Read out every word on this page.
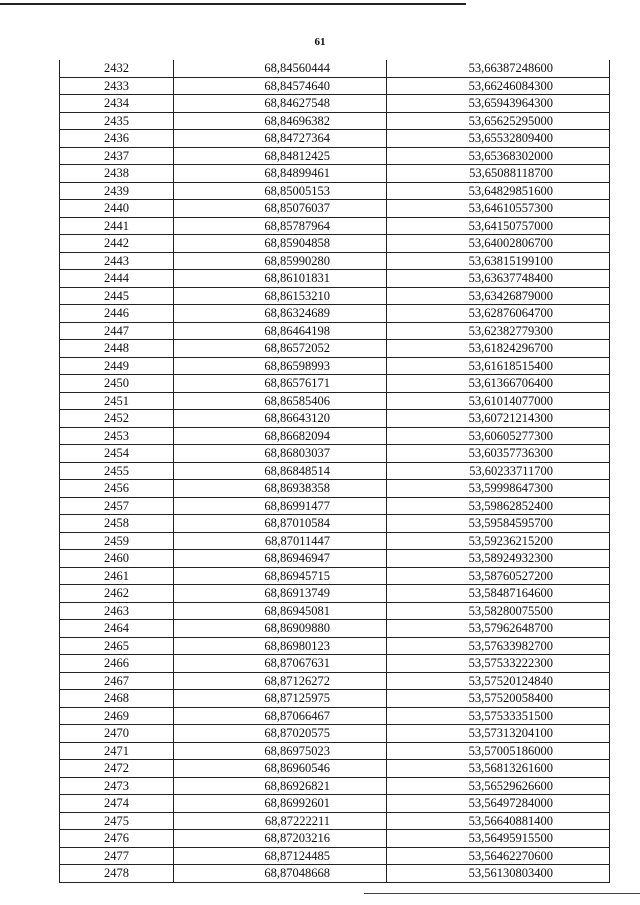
61
2432	68,84560444	53,66387248600
2433	68,84574640	53,66246084300
2434	68,84627548	53,65943964300
2435	68,84696382	53,65625295000
2436	68,84727364	53,65532809400
2437	68,84812425	53,65368302000
2438	68,84899461	53,65088118700
2439	68,85005153	53,64829851600
2440	68,85076037	53,64610557300
2441	68,85787964	53,64150757000
2442	68,85904858	53,64002806700
2443	68,85990280	53,63815199100
2444	68,86101831	53,63637748400
2445	68,86153210	53,63426879000
2446	68,86324689	53,62876064700
2447	68,86464198	53,62382779300
2448	68,86572052	53,61824296700
2449	68,86598993	53,61618515400
2450	68,86576171	53,61366706400
2451	68,86585406	53,61014077000
2452	68,86643120	53,60721214300
2453	68,86682094	53,60605277300
2454	68,86803037	53,60357736300
2455	68,86848514	53,60233711700
2456	68,86938358	53,59998647300
2457	68,86991477	53,59862852400
2458	68,87010584	53,59584595700
2459	68,87011447	53,59236215200
2460	68,86946947	53,58924932300
2461	68,86945715	53,58760527200
2462	68,86913749	53,58487164600
2463	68,86945081	53,58280075500
2464	68,86909880	53,57962648700
2465	68,86980123	53,57633982700
2466	68,87067631	53,57533222300
2467	68,87126272	53,57520124840
2468	68,87125975	53,57520058400
2469	68,87066467	53,57533351500
2470	68,87020575	53,57313204100
2471	68,86975023	53,57005186000
2472	68,86960546	53,56813261600
2473	68,86926821	53,56529626600
2474	68,86992601	53,56497284000
2475	68,87222211	53,56640881400
2476	68,87203216	53,56495915500
2477	68,87124485	53,56462270600
2478	68,87048668	53,56130803400
